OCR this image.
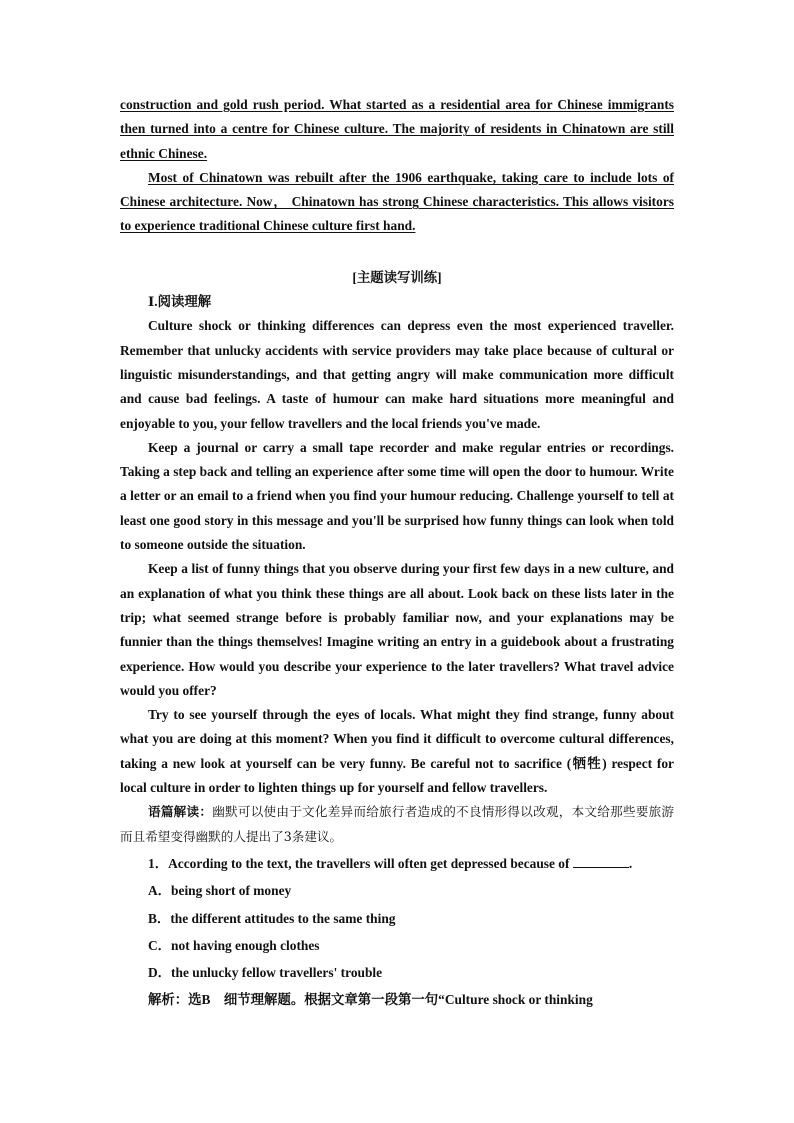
construction and gold rush period. What started as a residential area for Chinese immigrants then turned into a centre for Chinese culture. The majority of residents in Chinatown are still ethnic Chinese.

Most of Chinatown was rebuilt after the 1906 earthquake, taking care to include lots of Chinese architecture. Now， Chinatown has strong Chinese characteristics. This allows visitors to experience traditional Chinese culture first hand.

[主题读写训练]

Ⅰ.阅读理解

Culture shock or thinking differences can depress even the most experienced traveller. Remember that unlucky accidents with service providers may take place because of cultural or linguistic misunderstandings, and that getting angry will make communication more difficult and cause bad feelings. A taste of humour can make hard situations more meaningful and enjoyable to you, your fellow travellers and the local friends you've made.

Keep a journal or carry a small tape recorder and make regular entries or recordings. Taking a step back and telling an experience after some time will open the door to humour. Write a letter or an email to a friend when you find your humour reducing. Challenge yourself to tell at least one good story in this message and you'll be surprised how funny things can look when told to someone outside the situation.

Keep a list of funny things that you observe during your first few days in a new culture, and an explanation of what you think these things are all about. Look back on these lists later in the trip; what seemed strange before is probably familiar now, and your explanations may be funnier than the things themselves! Imagine writing an entry in a guidebook about a frustrating experience. How would you describe your experience to the later travellers? What travel advice would you offer?

Try to see yourself through the eyes of locals. What might they find strange, funny about what you are doing at this moment? When you find it difficult to overcome cultural differences, taking a new look at yourself can be very funny. Be careful not to sacrifice (牺牲) respect for local culture in order to lighten things up for yourself and fellow travellers.

语篇解读：幽默可以使由于文化差异而给旅行者造成的不良情形得以改观，本文给那些要旅游而且希望变得幽默的人提出了3条建议。

1．According to the text, the travellers will often get depressed because of	.

A．being short of money

B．the different attitudes to the same thing

C．not having enough clothes

D．the unlucky fellow travellers' trouble

解析：选B　细节理解题。根据文章第一段第一句“Culture shock or thinking
